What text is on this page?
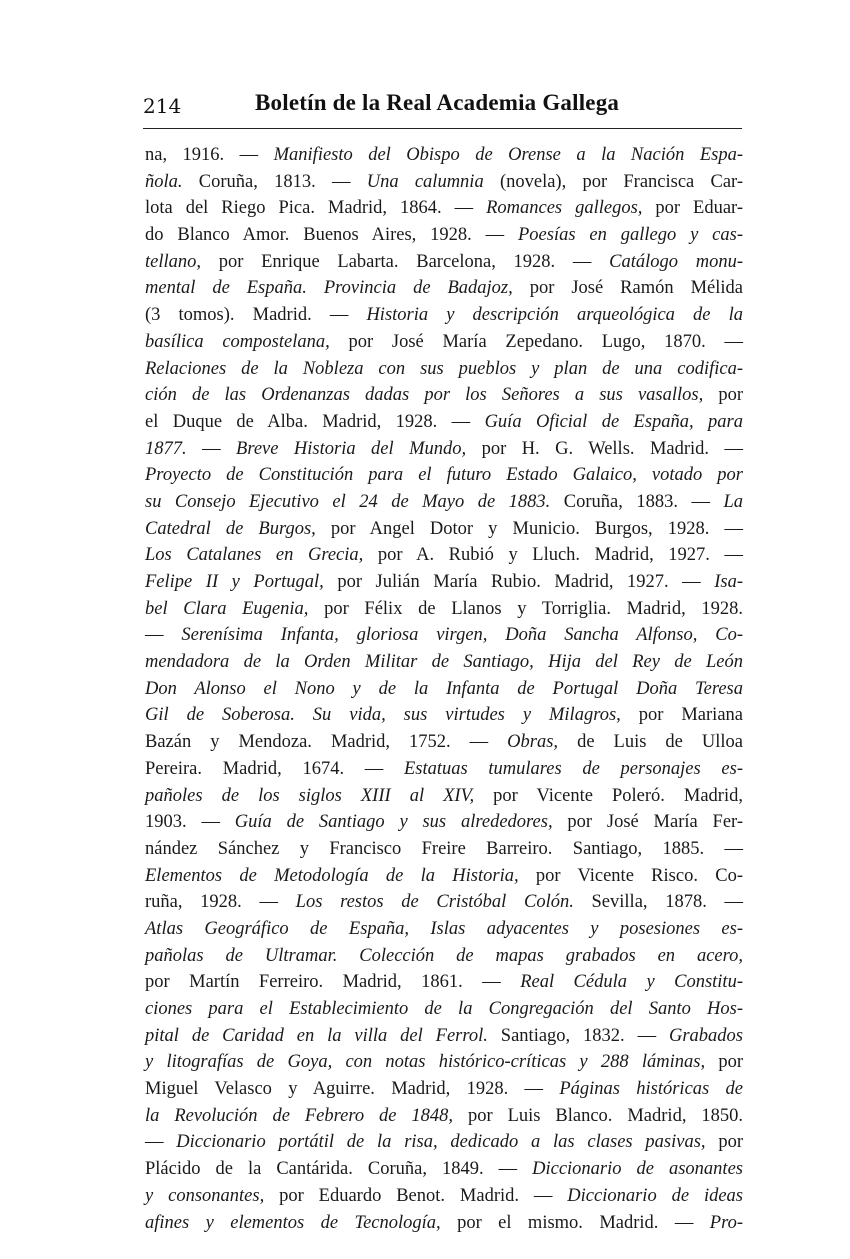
214	Boletín de la Real Academia Gallega
na, 1916. — Manifiesto del Obispo de Orense a la Nación Espa-
ñola. Coruña, 1813. — Una calumnia (novela), por Francisca Car-
lota del Riego Pica. Madrid, 1864. — Romances gallegos, por Eduar-
do Blanco Amor. Buenos Aires, 1928. — Poesías en gallego y cas-
tellano, por Enrique Labarta. Barcelona, 1928. — Catálogo monu-
mental de España. Provincia de Badajoz, por José Ramón Mélida
(3 tomos). Madrid. — Historia y descripción arqueológica de la
basílica compostelana, por José María Zepedano. Lugo, 1870. —
Relaciones de la Nobleza con sus pueblos y plan de una codifica-
ción de las Ordenanzas dadas por los Señores a sus vasallos, por
el Duque de Alba. Madrid, 1928. — Guía Oficial de España, para
1877. — Breve Historia del Mundo, por H. G. Wells. Madrid. —
Proyecto de Constitución para el futuro Estado Galaico, votado por
su Consejo Ejecutivo el 24 de Mayo de 1883. Coruña, 1883. — La
Catedral de Burgos, por Angel Dotor y Municio. Burgos, 1928. —
Los Catalanes en Grecia, por A. Rubió y Lluch. Madrid, 1927. —
Felipe II y Portugal, por Julián María Rubio. Madrid, 1927. — Isa-
bel Clara Eugenia, por Félix de Llanos y Torriglia. Madrid, 1928.
— Serenísima Infanta, gloriosa virgen, Doña Sancha Alfonso, Co-
mendadora de la Orden Militar de Santiago, Hija del Rey de León
Don Alonso el Nono y de la Infanta de Portugal Doña Teresa
Gil de Soberosa. Su vida, sus virtudes y Milagros, por Mariana
Bazán y Mendoza. Madrid, 1752. — Obras, de Luis de Ulloa
Pereira. Madrid, 1674. — Estatuas tumulares de personajes es-
pañoles de los siglos XIII al XIV, por Vicente Poleró. Madrid,
1903. — Guía de Santiago y sus alrededores, por José María Fer-
nández Sánchez y Francisco Freire Barreiro. Santiago, 1885. —
Elementos de Metodología de la Historia, por Vicente Risco. Co-
ruña, 1928. — Los restos de Cristóbal Colón. Sevilla, 1878. —
Atlas Geográfico de España, Islas adyacentes y posesiones es-
pañolas de Ultramar. Colección de mapas grabados en acero,
por Martín Ferreiro. Madrid, 1861. — Real Cédula y Constitu-
ciones para el Establecimiento de la Congregación del Santo Hos-
pital de Caridad en la villa del Ferrol. Santiago, 1832. — Grabados
y litografías de Goya, con notas histórico-críticas y 288 láminas, por
Miguel Velasco y Aguirre. Madrid, 1928. — Páginas históricas de
la Revolución de Febrero de 1848, por Luis Blanco. Madrid, 1850.
— Diccionario portátil de la risa, dedicado a las clases pasivas, por
Plácido de la Cantárida. Coruña, 1849. — Diccionario de asonantes
y consonantes, por Eduardo Benot. Madrid. — Diccionario de ideas
afines y elementos de Tecnología, por el mismo. Madrid. — Pro-
